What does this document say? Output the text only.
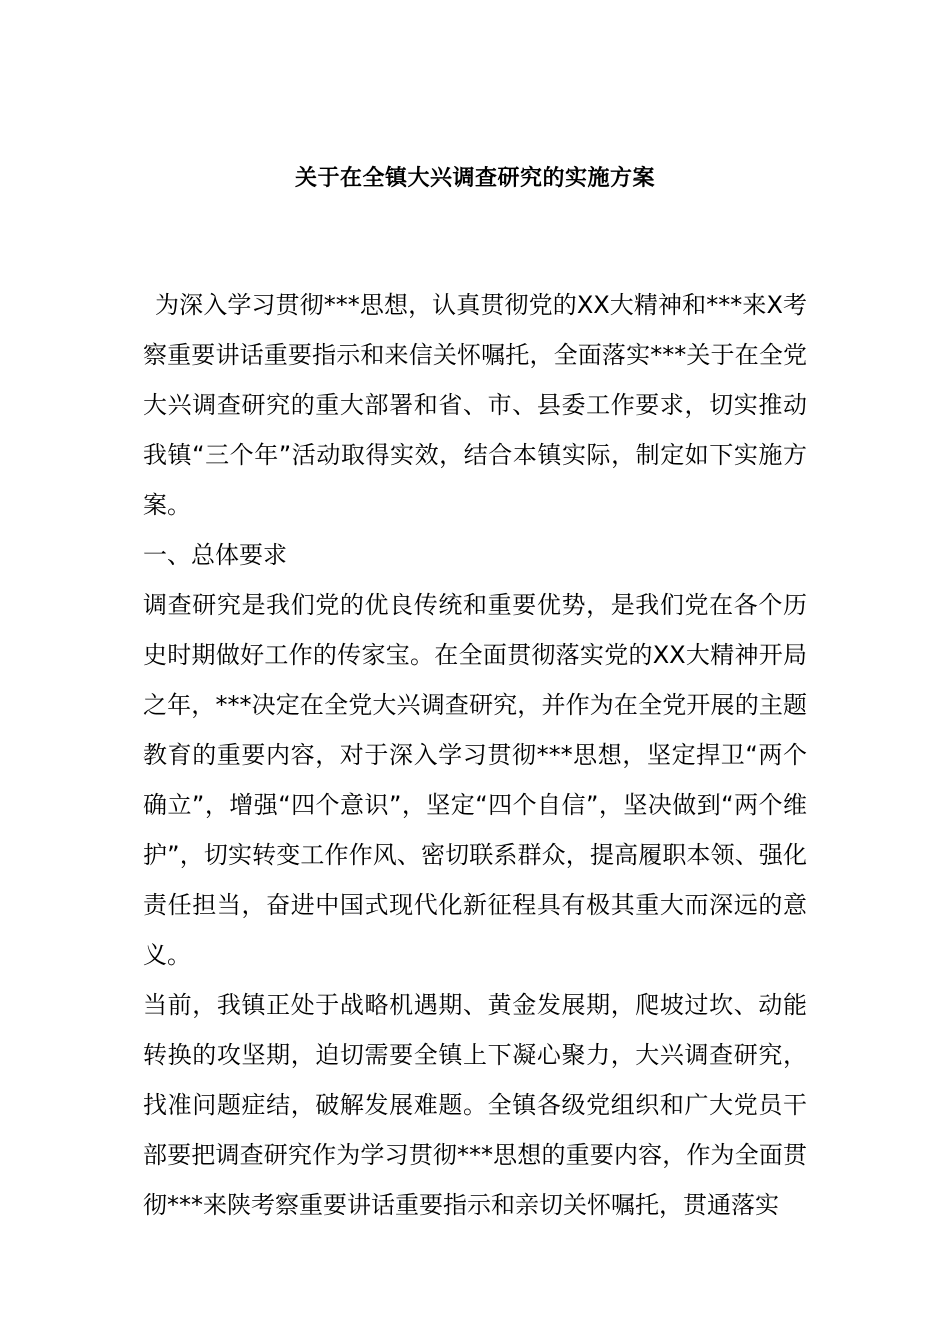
关于在全镇大兴调查研究的实施方案

为深入学习贯彻***思想，认真贯彻党的XX大精神和***来X考察重要讲话重要指示和来信关怀嘱托，全面落实***关于在全党大兴调查研究的重大部署和省、市、县委工作要求，切实推动我镇“三个年”活动取得实效，结合本镇实际，制定如下实施方案。

一、总体要求

调查研究是我们党的优良传统和重要优势，是我们党在各个历史时期做好工作的传家宝。在全面贯彻落实党的XX大精神开局之年，***决定在全党大兴调查研究，并作为在全党开展的主题教育的重要内容，对于深入学习贯彻***思想，坚定捍卫“两个确立”，增强“四个意识”，坚定“四个自信”，坚决做到“两个维护”，切实转变工作作风、密切联系群众，提高履职本领、强化责任担当，奋进中国式现代化新征程具有极其重大而深远的意义。

当前，我镇正处于战略机遇期、黄金发展期，爬坡过坎、动能转换的攻坚期，迫切需要全镇上下凝心聚力，大兴调查研究，找准问题症结，破解发展难题。全镇各级党组织和广大党员干部要把调查研究作为学习贯彻***思想的重要内容，作为全面贯彻***来陕考察重要讲话重要指示和亲切关怀嘱托，贯通落实
